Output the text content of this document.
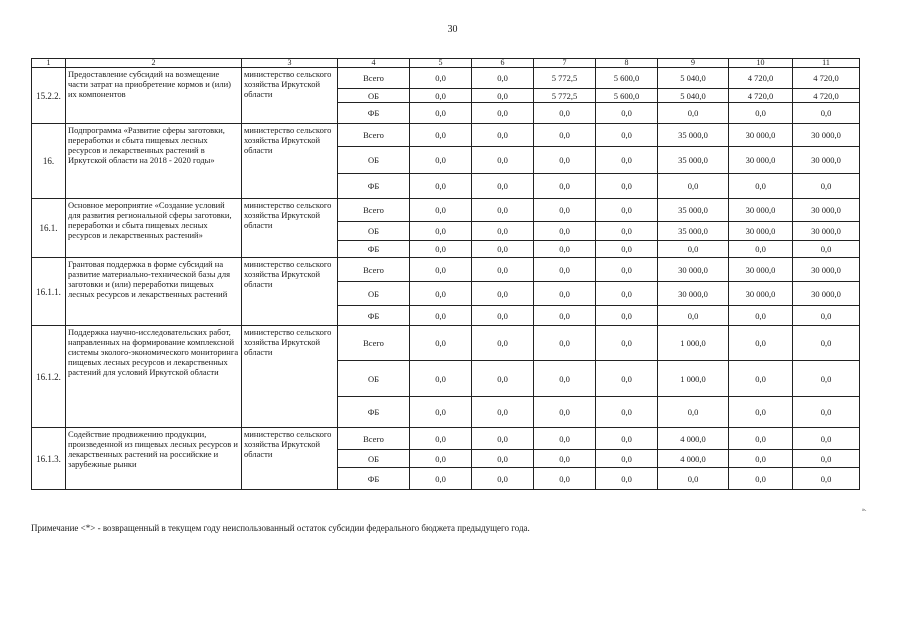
30
1	2	3	4	5	6	7	8	9	10	11
15.2.2.	Предоставление субсидий на возмещение части затрат на приобретение кормов и (или) их компонентов	министерство сельского хозяйства Иркутской области	Всего	0,0	0,0	5 772,5	5 600,0	5 040,0	4 720,0	4 720,0
			ОБ	0,0	0,0	5 772,5	5 600,0	5 040,0	4 720,0	4 720,0
			ФБ	0,0	0,0	0,0	0,0	0,0	0,0	0,0
16.	Подпрограмма «Развитие сферы заготовки, переработки и сбыта пищевых лесных ресурсов и лекарственных растений в Иркутской области на 2018 - 2020 годы»	министерство сельского хозяйства Иркутской области	Всего	0,0	0,0	0,0	0,0	35 000,0	30 000,0	30 000,0
			ОБ	0,0	0,0	0,0	0,0	35 000,0	30 000,0	30 000,0
			ФБ	0,0	0,0	0,0	0,0	0,0	0,0	0,0
16.1.	Основное мероприятие «Создание условий для развития региональной сферы заготовки, переработки и сбыта пищевых лесных ресурсов и лекарственных растений»	министерство сельского хозяйства Иркутской области	Всего	0,0	0,0	0,0	0,0	35 000,0	30 000,0	30 000,0
			ОБ	0,0	0,0	0,0	0,0	35 000,0	30 000,0	30 000,0
			ФБ	0,0	0,0	0,0	0,0	0,0	0,0	0,0
16.1.1.	Грантовая поддержка в форме субсидий на развитие материально-технической базы для заготовки и (или) переработки пищевых лесных ресурсов и лекарственных растений	министерство сельского хозяйства Иркутской области	Всего	0,0	0,0	0,0	0,0	30 000,0	30 000,0	30 000,0
			ОБ	0,0	0,0	0,0	0,0	30 000,0	30 000,0	30 000,0
			ФБ	0,0	0,0	0,0	0,0	0,0	0,0	0,0
16.1.2.	Поддержка научно-исследовательских работ, направленных на формирование комплексной системы эколого-экономического мониторинга пищевых лесных ресурсов и лекарственных растений для условий Иркутской области	министерство сельского хозяйства Иркутской области	Всего	0,0	0,0	0,0	0,0	1 000,0	0,0	0,0
			ОБ	0,0	0,0	0,0	0,0	1 000,0	0,0	0,0
			ФБ	0,0	0,0	0,0	0,0	0,0	0,0	0,0
16.1.3.	Содействие продвижению продукции, произведенной из пищевых лесных ресурсов и лекарственных растений на российские и зарубежные рынки	министерство сельского хозяйства Иркутской области	Всего	0,0	0,0	0,0	0,0	4 000,0	0,0	0,0
			ОБ	0,0	0,0	0,0	0,0	4 000,0	0,0	0,0
			ФБ	0,0	0,0	0,0	0,0	0,0	0,0	0,0
Примечание <*> - возвращенный в текущем году неиспользованный остаток субсидии федерального бюджета предыдущего года.
».
